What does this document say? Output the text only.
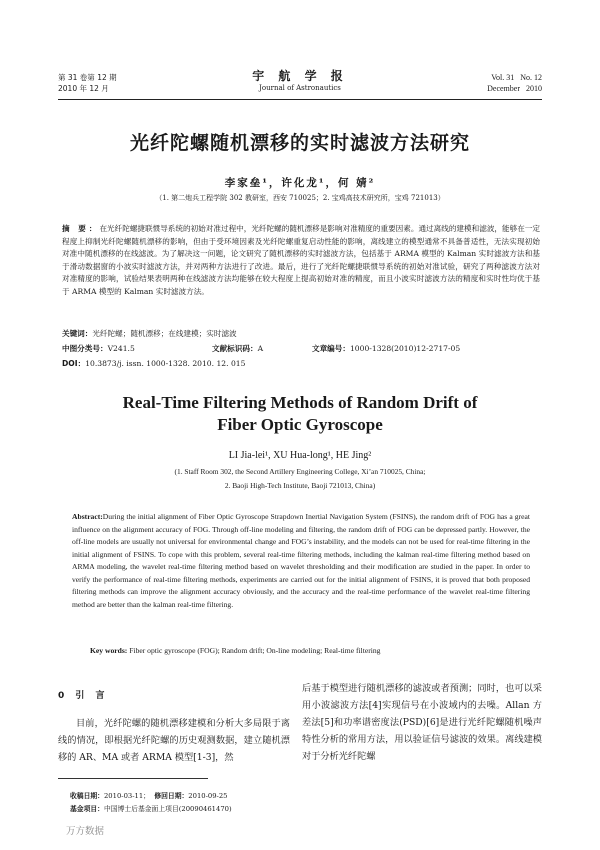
第 31 卷第 12 期
2010 年 12 月
宇 航 学 报
Journal of Astronautics
Vol. 31 No. 12
December 2010
光纤陀螺随机漂移的实时滤波方法研究
李家垒¹，许化龙¹，何 婧²
（1. 第二炮兵工程学院 302 教研室，西安 710025；2. 宝鸡高技术研究所，宝鸡 721013）
摘 要：在光纤陀螺捷联惯导系统的初始对准过程中，光纤陀螺的随机漂移是影响对准精度的重要因素。通过离线的建模和滤波，能够在一定程度上抑制光纤陀螺随机漂移的影响，但由于受环境因素及光纤陀螺重复启动性能的影响，离线建立的模型通常不具备普适性，无法实现初始对准中随机漂移的在线滤波。为了解决这一问题，论文研究了随机漂移的实时滤波方法，包括基于 ARMA 模型的 Kalman 实时滤波方法和基于滑动数据窗的小波实时滤波方法，并对两种方法进行了改进。最后，进行了光纤陀螺捷联惯导系统的初始对准试验，研究了两种滤波方法对对准精度的影响，试验结果表明两种在线滤波方法均能够在较大程度上提高初始对准的精度，而且小波实时滤波方法的精度和实时性均优于基于 ARMA 模型的 Kalman 实时滤波方法。
关键词：光纤陀螺；随机漂移；在线建模；实时滤波
中图分类号：V241.5	文献标识码：A	文章编号：1000-1328(2010)12-2717-05
DOI：10.3873/j. issn. 1000-1328. 2010. 12. 015
Real-Time Filtering Methods of Random Drift of
Fiber Optic Gyroscope
LI Jia-lei¹, XU Hua-long¹, HE Jing²
(1. Staff Room 302, the Second Artillery Engineering College, Xi’an 710025, China;
2. Baoji High-Tech Institute, Baoji 721013, China)
Abstract:During the initial alignment of Fiber Optic Gyroscope Strapdown Inertial Navigation System (FSINS), the random drift of FOG has a great influence on the alignment accuracy of FOG. Through off-line modeling and filtering, the random drift of FOG can be depressed partly. However, the off-line models are usually not universal for environmental change and FOG’s instability, and the models can not be used for real-time filtering in the initial alignment of FSINS. To cope with this problem, several real-time filtering methods, including the kalman real-time filtering method based on ARMA modeling, the wavelet real-time filtering method based on wavelet thresholding and their modification are studied in the paper. In order to verify the performance of real-time filtering methods, experiments are carried out for the initial alignment of FSINS, it is proved that both proposed filtering methods can improve the alignment accuracy obviously, and the accuracy and the real-time performance of the wavelet real-time filtering method are better than the kalman real-time filtering.
Key words: Fiber optic gyroscope (FOG); Random drift; On-line modeling; Real-time filtering
0 引 言
目前，光纤陀螺的随机漂移建模和分析大多局限于离线的情况，即根据光纤陀螺的历史观测数据，建立随机漂移的 AR、MA 或者 ARMA 模型[1-3]，然
后基于模型进行随机漂移的滤波或者预测；同时，也可以采用小波滤波方法[4]实现信号在小波域内的去噪。Allan 方差法[5]和功率谱密度法(PSD)[6]是进行光纤陀螺随机噪声特性分析的常用方法，用以验证信号滤波的效果。离线建模对于分析光纤陀螺
收稿日期：2010-03-11； 修回日期：2010-09-25
基金项目：中国博士后基金面上项目(20090461470)
万方数据
